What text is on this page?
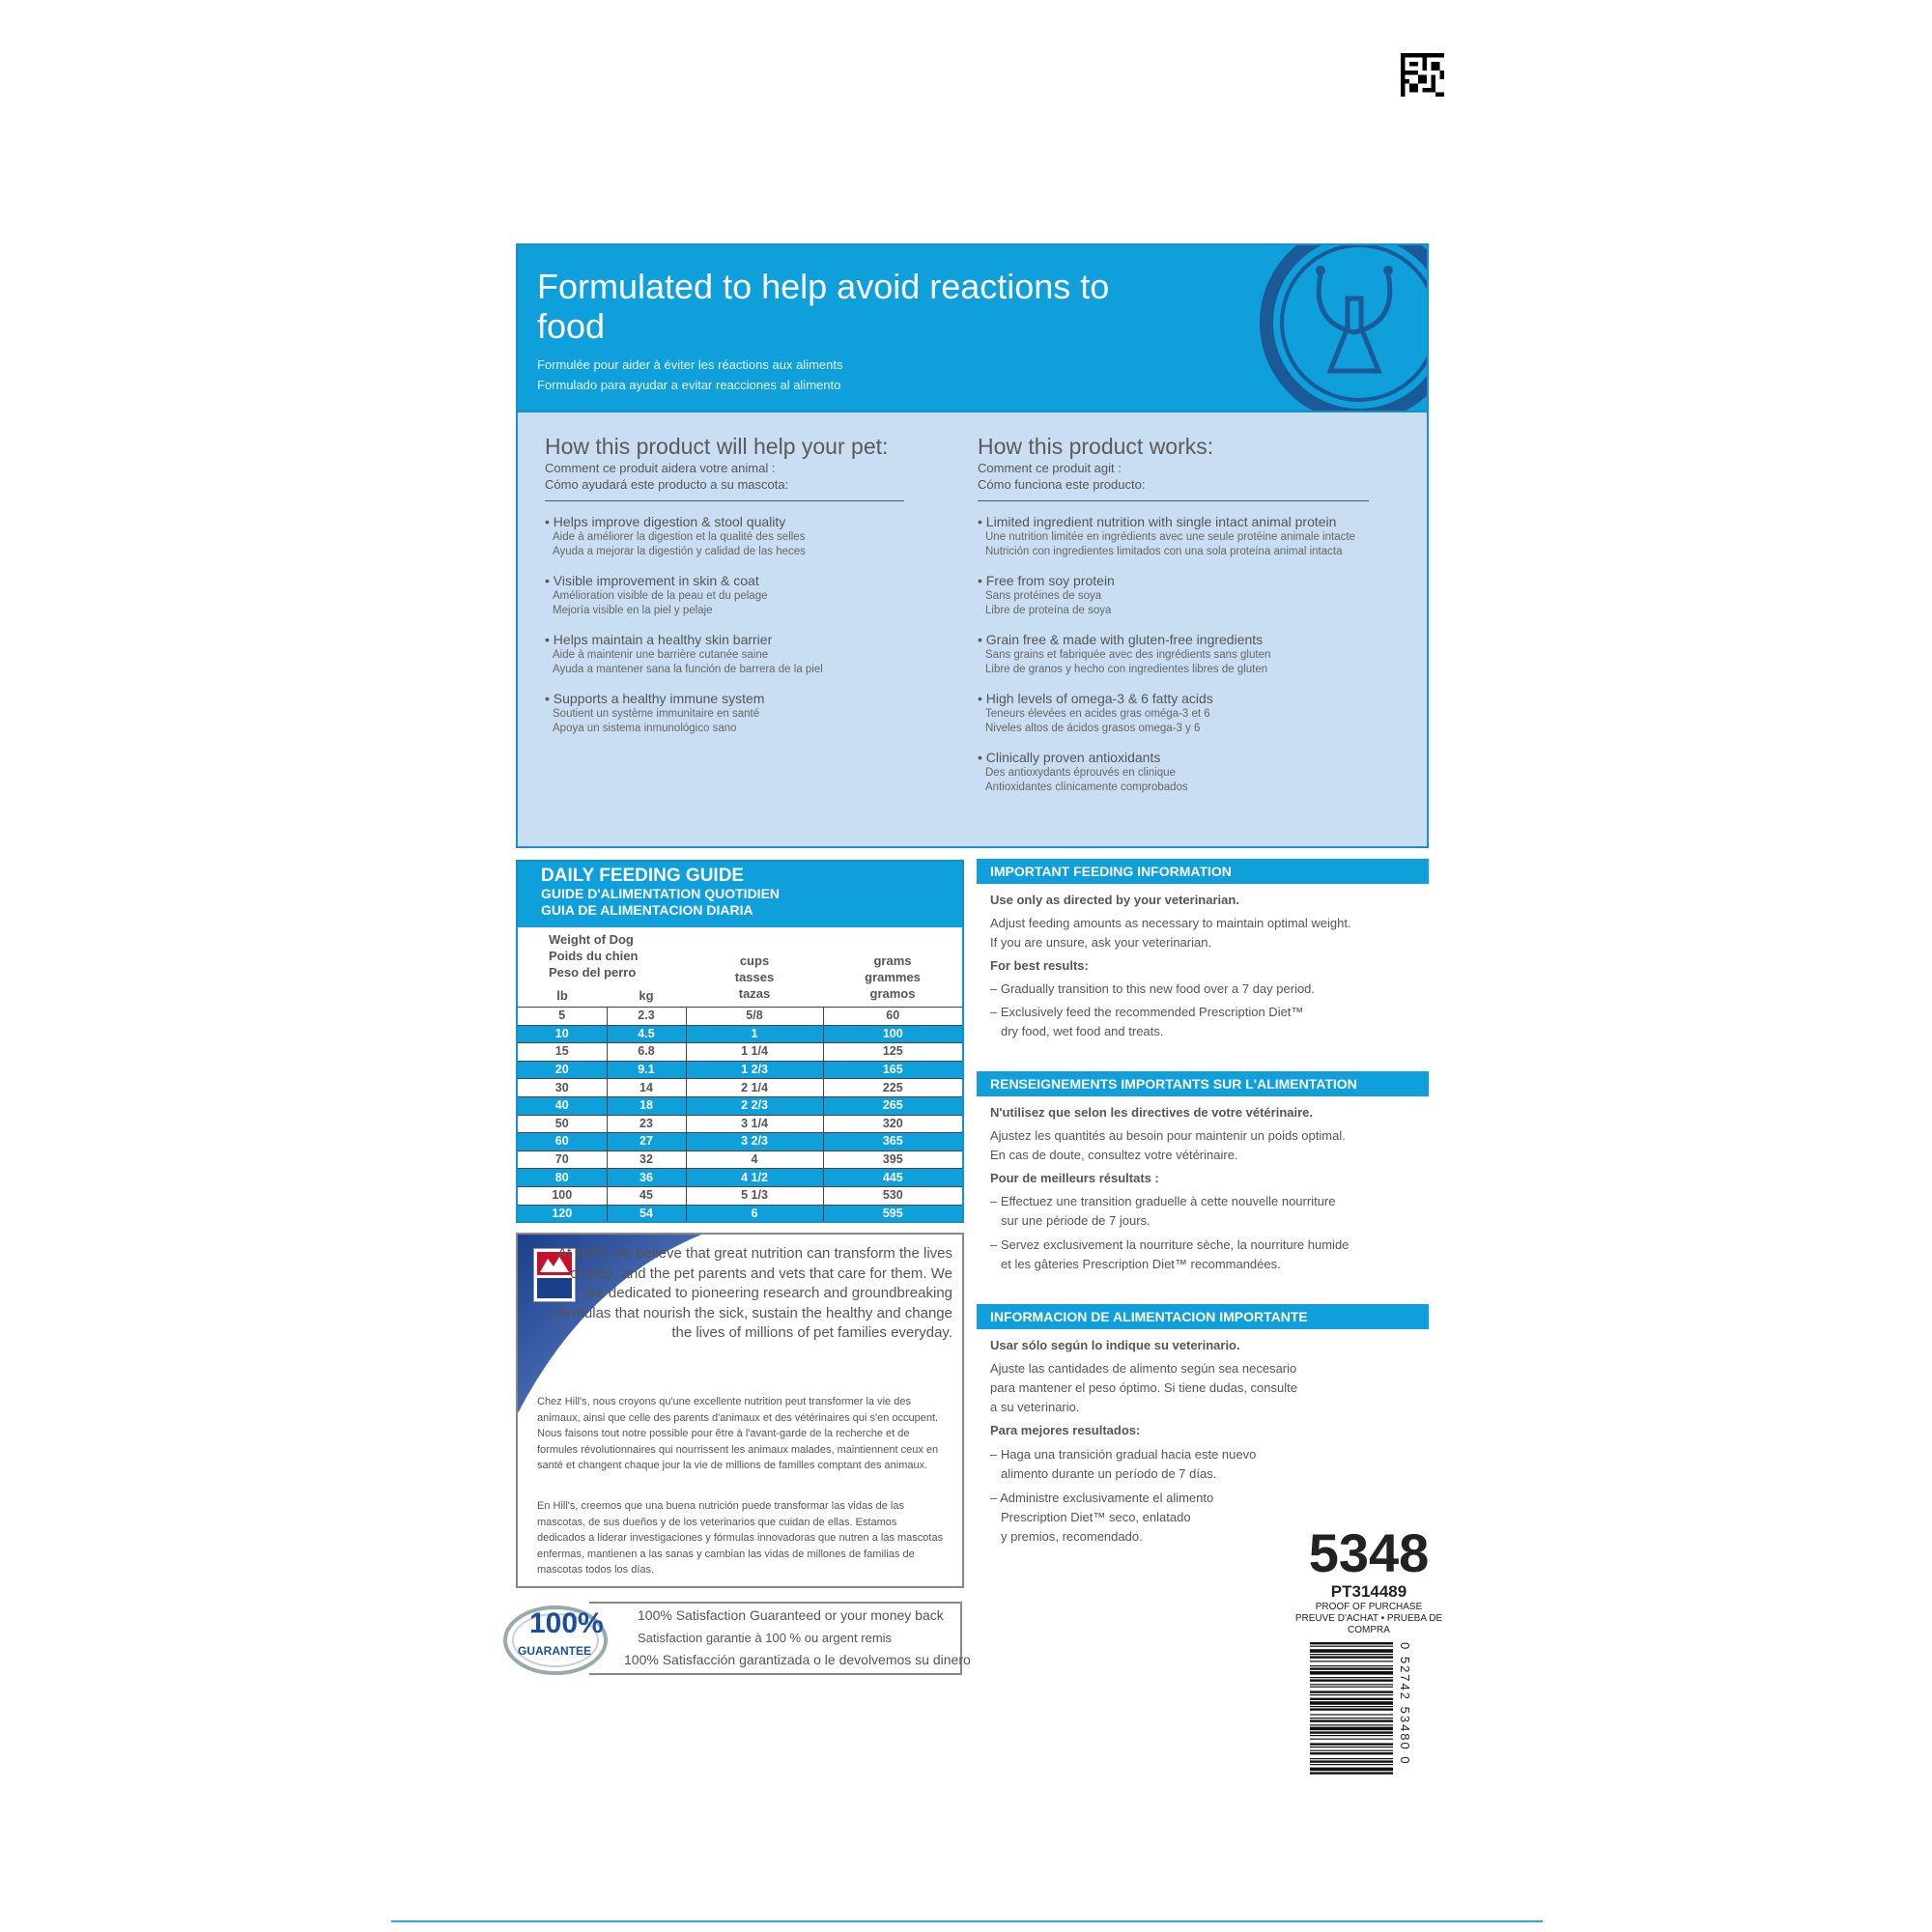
Formulated to help avoid reactions to food
Formulée pour aider à éviter les réactions aux aliments
Formulado para ayudar a evitar reacciones al alimento
How this product will help your pet:
Comment ce produit aidera votre animal :
Cómo ayudará este producto a su mascota:
• Helps improve digestion & stool quality
Aide à améliorer la digestion et la qualité des selles
Ayuda a mejorar la digestión y calidad de las heces
• Visible improvement in skin & coat
Amélioration visible de la peau et du pelage
Mejoría visible en la piel y pelaje
• Helps maintain a healthy skin barrier
Aide à maintenir une barrière cutanée saine
Ayuda a mantener sana la función de barrera de la piel
• Supports a healthy immune system
Soutient un système immunitaire en santé
Apoya un sistema inmunológico sano
How this product works:
Comment ce produit agit :
Cómo funciona este producto:
• Limited ingredient nutrition with single intact animal protein
Une nutrition limitée en ingrédients avec une seule protéine animale intacte
Nutrición con ingredientes limitados con una sola proteína animal intacta
• Free from soy protein
Sans protéines de soya
Libre de proteína de soya
• Grain free & made with gluten-free ingredients
Sans grains et fabriquée avec des ingrédients sans gluten
Libre de granos y hecho con ingredientes libres de gluten
• High levels of omega-3 & 6 fatty acids
Teneurs élevées en acides gras oméga-3 et 6
Niveles altos de ácidos grasos omega-3 y 6
• Clinically proven antioxidants
Des antioxydants éprouvés en clinique
Antioxidantes clínicamente comprobados
DAILY FEEDING GUIDE
GUIDE D'ALIMENTATION QUOTIDIEN
GUIA DE ALIMENTACION DIARIA
Weight of Dog
Poids du chien
Peso del perro
lb	kg
cups
tasses
tazas
grams
grammes
gramos
5	2.3	5/8	60
10	4.5	1	100
15	6.8	1 1/4	125
20	9.1	1 2/3	165
30	14	2 1/4	225
40	18	2 2/3	265
50	23	3 1/4	320
60	27	3 2/3	365
70	32	4	395
80	36	4 1/2	445
100	45	5 1/3	530
120	54	6	595
At Hill's, we believe that great nutrition can transform the lives of pets, and the pet parents and vets that care for them. We are dedicated to pioneering research and groundbreaking formulas that nourish the sick, sustain the healthy and change the lives of millions of pet families everyday.
Chez Hill's, nous croyons qu'une excellente nutrition peut transformer la vie des animaux, ainsi que celle des parents d'animaux et des vétérinaires qui s'en occupent. Nous faisons tout notre possible pour être à l'avant-garde de la recherche et de formules révolutionnaires qui nourrissent les animaux malades, maintiennent ceux en santé et changent chaque jour la vie de millions de familles comptant des animaux.
En Hill's, creemos que una buena nutrición puede transformar las vidas de las mascotas, de sus dueños y de los veterinarios que cuidan de ellas. Estamos dedicados a liderar investigaciones y fórmulas innovadoras que nutren a las mascotas enfermas, mantienen a las sanas y cambian las vidas de millones de familias de mascotas todos los días.
100%
GUARANTEE
100% Satisfaction Guaranteed or your money back
Satisfaction garantie à 100 % ou argent remis
100% Satisfacción garantizada o le devolvemos su dinero
IMPORTANT FEEDING INFORMATION
Use only as directed by your veterinarian.
Adjust feeding amounts as necessary to maintain optimal weight.
If you are unsure, ask your veterinarian.
For best results:
– Gradually transition to this new food over a 7 day period.
– Exclusively feed the recommended Prescription Diet™
dry food, wet food and treats.
RENSEIGNEMENTS IMPORTANTS SUR L'ALIMENTATION
N'utilisez que selon les directives de votre vétérinaire.
Ajustez les quantités au besoin pour maintenir un poids optimal.
En cas de doute, consultez votre vétérinaire.
Pour de meilleurs résultats :
– Effectuez une transition graduelle à cette nouvelle nourriture
sur une période de 7 jours.
– Servez exclusivement la nourriture sèche, la nourriture humide
et les gâteries Prescription Diet™ recommandées.
INFORMACION DE ALIMENTACION IMPORTANTE
Usar sólo según lo indique su veterinario.
Ajuste las cantidades de alimento según sea necesario
para mantener el peso óptimo. Si tiene dudas, consulte
a su veterinario.
Para mejores resultados:
– Haga una transición gradual hacia este nuevo
alimento durante un período de 7 días.
– Administre exclusivamente el alimento
Prescription Diet™ seco, enlatado
y premios, recomendado.	5348
PT314489
PROOF OF PURCHASE
PREUVE D'ACHAT • PRUEBA DE COMPRA
0 52742 53480 0
